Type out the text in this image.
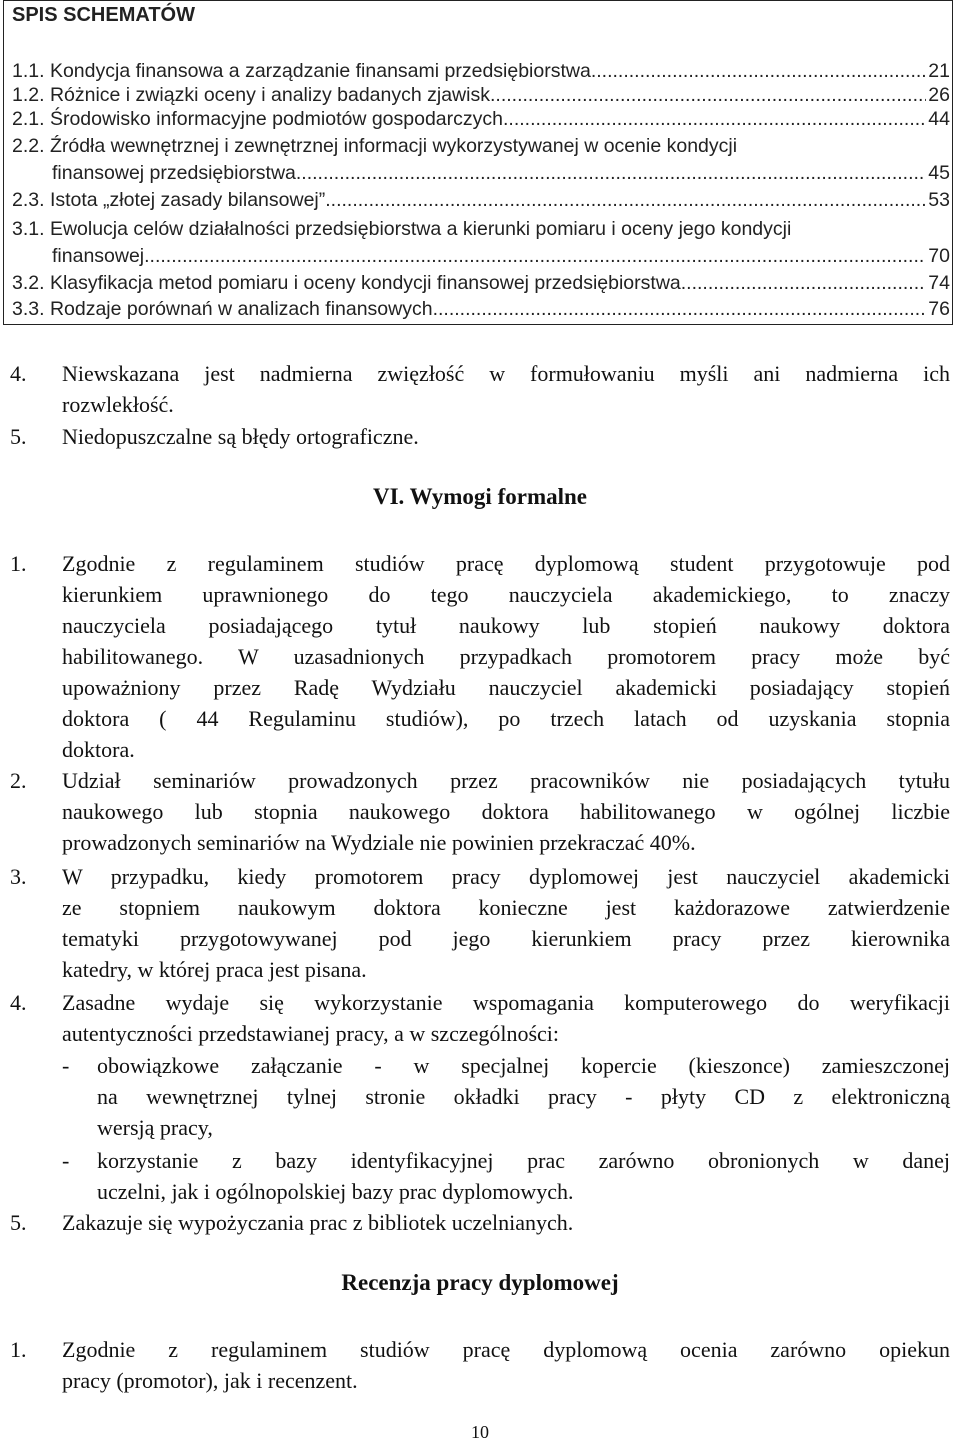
SPIS SCHEMATÓW
1.1. Kondycja finansowa a zarządzanie finansami przedsiębiorstwa .....	21
1.2. Różnice i związki oceny i analizy badanych zjawisk .....	26
2.1. Środowisko informacyjne podmiotów gospodarczych .....	44
2.2. Źródła wewnętrznej i zewnętrznej informacji wykorzystywanej w ocenie kondycji
finansowej przedsiębiorstwa .....	45
2.3. Istota „złotej zasady bilansowej” .....	53
3.1. Ewolucja celów działalności przedsiębiorstwa a kierunki pomiaru i oceny jego kondycji
finansowej .....	70
3.2. Klasyfikacja metod pomiaru i oceny kondycji finansowej przedsiębiorstwa .....	74
3.3. Rodzaje porównań w analizach finansowych .....	76
4. Niewskazana jest nadmierna zwięzłość w formułowaniu myśli ani nadmierna ich
rozwlekłość.
5. Niedopuszczalne są błędy ortograficzne.
VI. Wymogi formalne
1. Zgodnie z regulaminem studiów pracę dyplomową student przygotowuje pod
kierunkiem uprawnionego do tego nauczyciela akademickiego, to znaczy
nauczyciela posiadającego tytuł naukowy lub stopień naukowy doktora
habilitowanego. W uzasadnionych przypadkach promotorem pracy może być
upoważniony przez Radę Wydziału nauczyciel akademicki posiadający stopień
doktora ( 44 Regulaminu studiów), po trzech latach od uzyskania stopnia
doktora.
2. Udział seminariów prowadzonych przez pracowników nie posiadających tytułu
naukowego lub stopnia naukowego doktora habilitowanego w ogólnej liczbie
prowadzonych seminariów na Wydziale nie powinien przekraczać 40%.
3. W przypadku, kiedy promotorem pracy dyplomowej jest nauczyciel akademicki
ze stopniem naukowym doktora konieczne jest każdorazowe zatwierdzenie
tematyki przygotowywanej pod jego kierunkiem pracy przez kierownika
katedry, w której praca jest pisana.
4. Zasadne wydaje się wykorzystanie wspomagania komputerowego do weryfikacji
autentyczności przedstawianej pracy, a w szczególności:
- obowiązkowe załączanie - w specjalnej kopercie (kieszonce) zamieszczonej
na wewnętrznej tylnej stronie okładki pracy - płyty CD z elektroniczną
wersją pracy,
- korzystanie z bazy identyfikacyjnej prac zarówno obronionych w danej
uczelni, jak i ogólnopolskiej bazy prac dyplomowych.
5. Zakazuje się wypożyczania prac z bibliotek uczelnianych.
Recenzja pracy dyplomowej
1. Zgodnie z regulaminem studiów pracę dyplomową ocenia zarówno opiekun
pracy (promotor), jak i recenzent.
10
